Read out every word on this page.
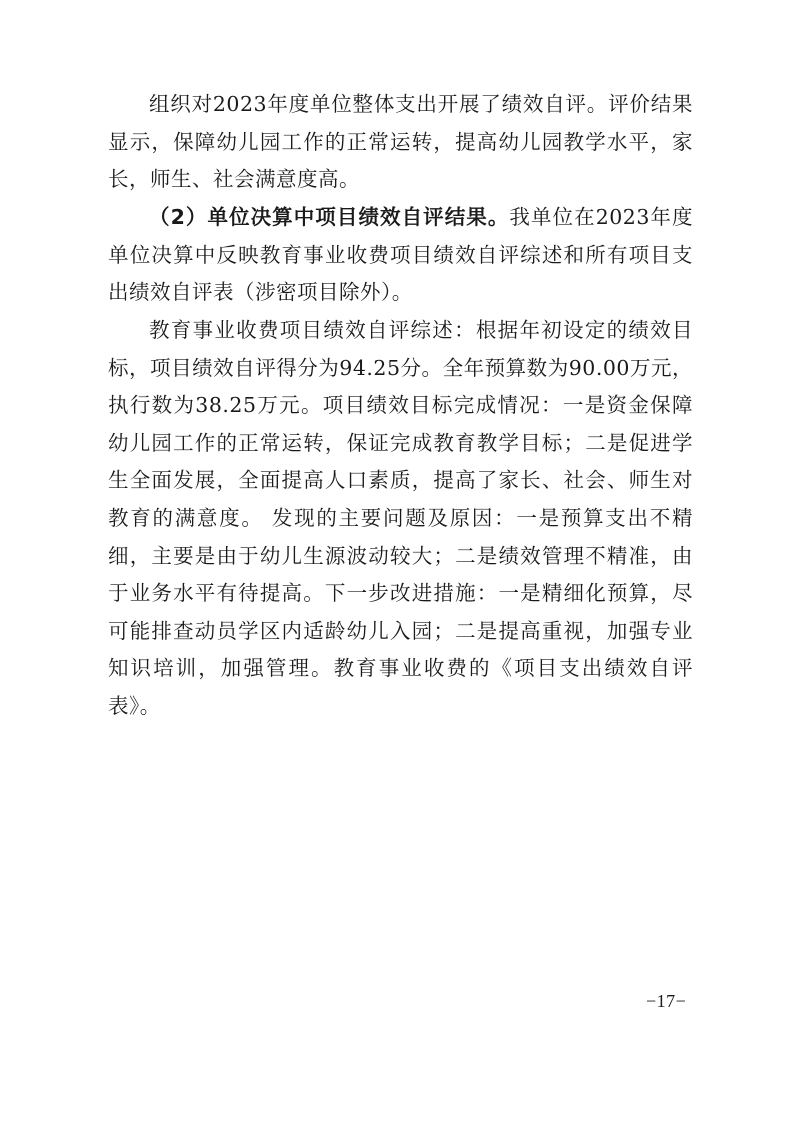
组织对2023年度单位整体支出开展了绩效自评。评价结果显示，保障幼儿园工作的正常运转，提高幼儿园教学水平，家长，师生、社会满意度高。

（2）单位决算中项目绩效自评结果。我单位在2023年度单位决算中反映教育事业收费项目绩效自评综述和所有项目支出绩效自评表（涉密项目除外）。

教育事业收费项目绩效自评综述：根据年初设定的绩效目标，项目绩效自评得分为94.25分。全年预算数为90.00万元，执行数为38.25万元。项目绩效目标完成情况：一是资金保障幼儿园工作的正常运转，保证完成教育教学目标；二是促进学生全面发展，全面提高人口素质，提高了家长、社会、师生对教育的满意度。 发现的主要问题及原因：一是预算支出不精细，主要是由于幼儿生源波动较大；二是绩效管理不精准，由于业务水平有待提高。下一步改进措施：一是精细化预算，尽可能排查动员学区内适龄幼儿入园；二是提高重视，加强专业知识培训，加强管理。教育事业收费的《项目支出绩效自评表》。

−17−
